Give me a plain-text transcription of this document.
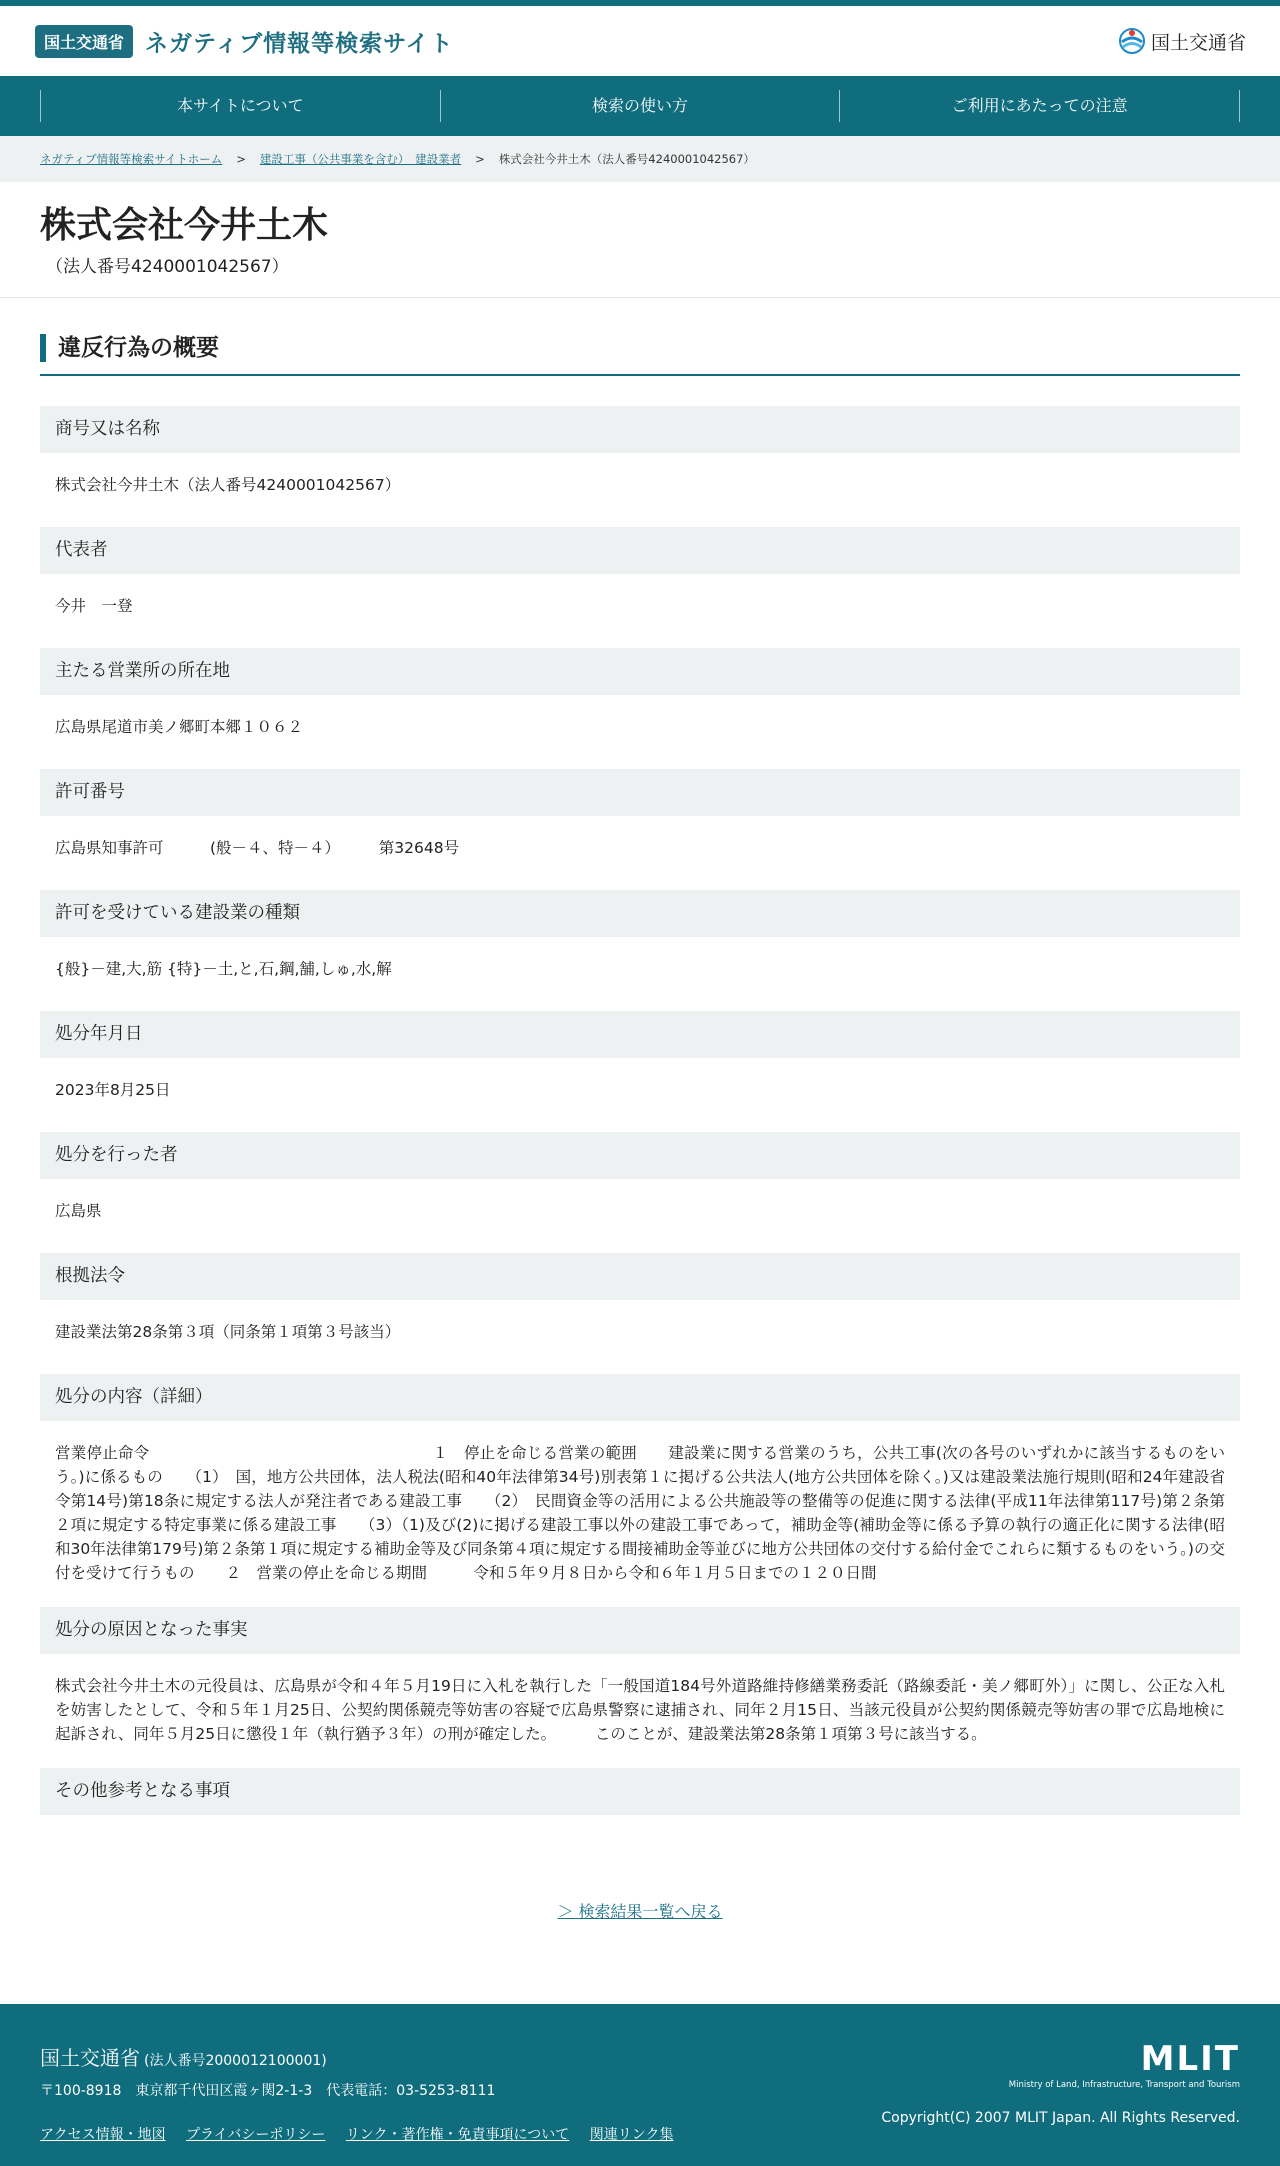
国土交通省 ネガティブ情報等検索サイト	国土交通省
本サイトについて	検索の使い方	ご利用にあたっての注意
ネガティブ情報等検索サイトホーム > 建設工事（公共事業を含む）　建設業者 > 株式会社今井土木（法人番号4240001042567）
株式会社今井土木
（法人番号4240001042567）
違反行為の概要
商号又は名称
株式会社今井土木（法人番号4240001042567）
代表者
今井　一登
主たる営業所の所在地
広島県尾道市美ノ郷町本郷１０６２
許可番号
広島県知事許可　　　(般－４、特－４）　　　第32648号
許可を受けている建設業の種類
{般}－建,大,筋 {特}－土,と,石,鋼,舗,しゅ,水,解
処分年月日
2023年8月25日
処分を行った者
広島県
根拠法令
建設業法第28条第３項（同条第１項第３号該当）
処分の内容（詳細）
営業停止命令　　　　　　　　　　　　　　　　　　１　停止を命じる営業の範囲　　建設業に関する営業のうち，公共工事(次の各号のいずれかに該当するものをいう。)に係るもの　　（1）　国，地方公共団体，法人税法(昭和40年法律第34号)別表第１に掲げる公共法人(地方公共団体を除く。)又は建設業法施行規則(昭和24年建設省令第14号)第18条に規定する法人が発注者である建設工事　　（2）　民間資金等の活用による公共施設等の整備等の促進に関する法律(平成11年法律第117号)第２条第２項に規定する特定事業に係る建設工事　　（3）（1)及び(2)に掲げる建設工事以外の建設工事であって，補助金等(補助金等に係る予算の執行の適正化に関する法律(昭和30年法律第179号)第２条第１項に規定する補助金等及び同条第４項に規定する間接補助金等並びに地方公共団体の交付する給付金でこれらに類するものをいう。)の交付を受けて行うもの　　２　営業の停止を命じる期間　　　令和５年９月８日から令和６年１月５日までの１２０日間
処分の原因となった事実
株式会社今井土木の元役員は、広島県が令和４年５月19日に入札を執行した「一般国道184号外道路維持修繕業務委託（路線委託・美ノ郷町外）」に関し、公正な入札を妨害したとして、令和５年１月25日、公契約関係競売等妨害の容疑で広島県警察に逮捕され、同年２月15日、当該元役員が公契約関係競売等妨害の罪で広島地検に起訴され、同年５月25日に懲役１年（執行猶予３年）の刑が確定した。　　　このことが、建設業法第28条第１項第３号に該当する。
その他参考となる事項
＞ 検索結果一覧へ戻る
国土交通省 (法人番号2000012100001)
〒100-8918　東京都千代田区霞ヶ関2-1-3　代表電話：03-5253-8111
アクセス情報・地図 プライバシーポリシー リンク・著作権・免責事項について 関連リンク集
MLIT
Ministry of Land, Infrastructure, Transport and Tourism
Copyright(C) 2007 MLIT Japan. All Rights Reserved.
